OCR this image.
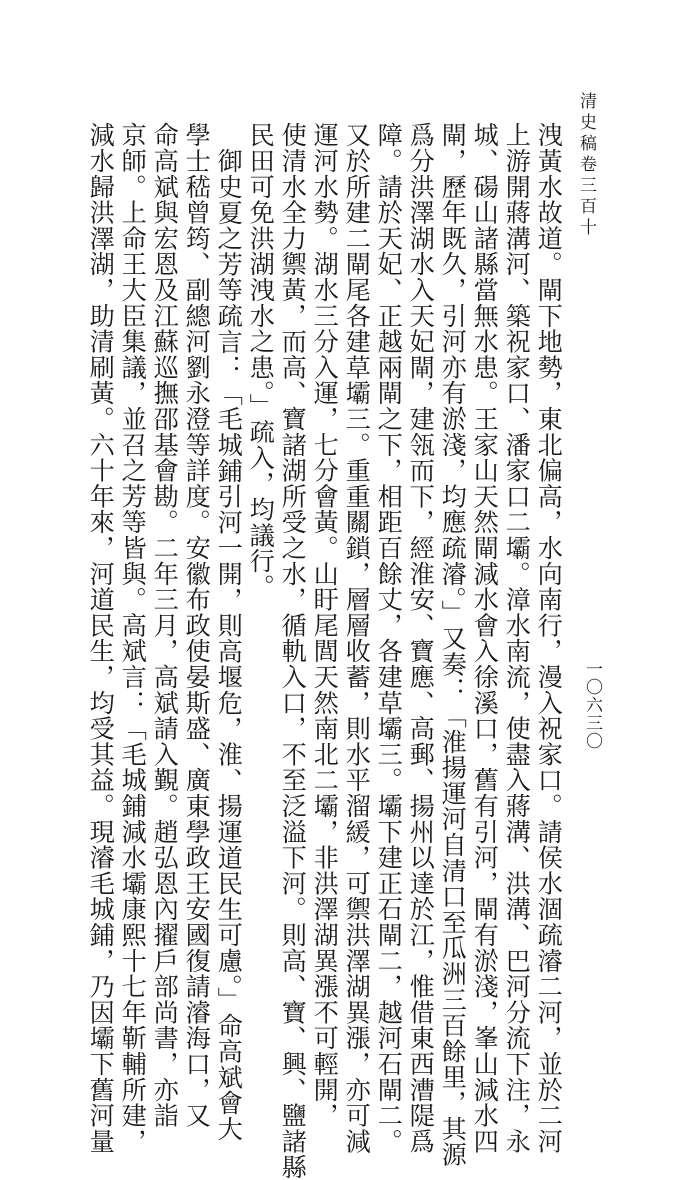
清史稿卷三百十
洩黃水故道。閘下地勢，東北偏高，水向南行，漫入祝家口。請侯水涸疏濬二河，並於二河
上游開蔣溝河、築祝家口、潘家口二壩。漳水南流，使盡入蔣溝、洪溝、巴河分流下注，永
城、碭山諸縣當無水患。王家山天然閘減水會入徐溪口，舊有引河，閘有淤淺，峯山減水四
閘，歷年既久，引河亦有淤淺，均應疏濬。」又奏：「淮揚運河自清口至瓜洲三百餘里，其源
爲分洪澤湖水入天妃閘，建瓴而下，經淮安、寶應、高郵、揚州以達於江，惟借東西漕隄爲
障。請於天妃、正越兩閘之下，相距百餘丈，各建草壩三。壩下建正石閘二，越河石閘二。
又於所建二閘尾各建草壩三。重重關鎖，層層收蓄，則水平溜緩，可禦洪澤湖異漲，亦可減
運河水勢。湖水三分入運，七分會黃。山盱尾閭天然南北二壩，非洪澤湖異漲不可輕開，
使清水全力禦黃，而高、寶諸湖所受之水，循軌入口，不至泛溢下河。則高、寶、興、鹽諸縣
民田可免洪湖洩水之患。」疏入，均議行。
御史夏之芳等疏言：「毛城鋪引河一開，則高堰危，淮、揚運道民生可慮。」命高斌會大
學士嵇曾筠、副總河劉永澄等詳度。安徽布政使晏斯盛、廣東學政王安國復請濬海口，又
命高斌與宏恩及江蘇巡撫邵基會勘。二年三月，高斌請入覲。趙弘恩內擢戶部尚書，亦詣
京師。上命王大臣集議，並召之芳等皆與。高斌言：「毛城鋪減水壩康熙十七年靳輔所建，
減水歸洪澤湖，助清刷黃。六十年來，河道民生，均受其益。現濬毛城鋪，乃因壩下舊河量	一〇六三〇
